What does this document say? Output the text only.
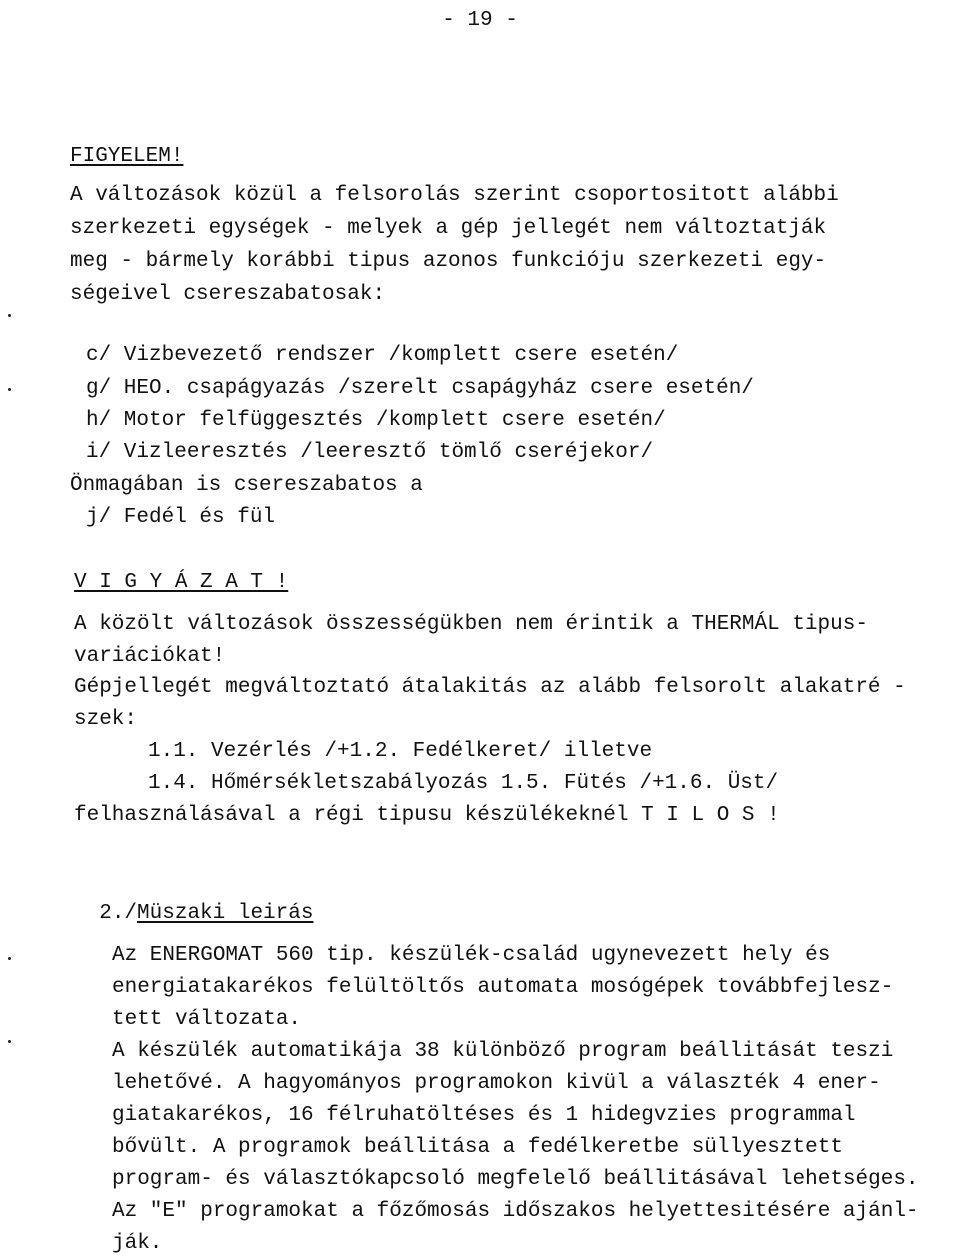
- 19 -
FIGYELEM!
A változások közül a felsorolás szerint csoportositott alábbi
szerkezeti egységek - melyek a gép jellegét nem változtatják
meg - bármely korábbi tipus azonos funkcióju szerkezeti egy-
ségeivel csereszabatosak:
c/ Vizbevezető rendszer /komplett csere esetén/
g/ HEO. csapágyazás /szerelt csapágyház csere esetén/
h/ Motor felfüggesztés /komplett csere esetén/
i/ Vizleeresztés /leeresztő tömlő cseréjekor/
Önmagában is csereszabatos a
j/ Fedél és fül
V I G Y Á Z A T !
A közölt változások összességükben nem érintik a THERMÁL tipus-
variációkat!
Gépjellegét megváltoztató átalakitás az alább felsorolt alakatré -
szek:
1.1. Vezérlés /+1.2. Fedélkeret/ illetve
1.4. Hőmérsékletszabályozás 1.5. Fütés /+1.6. Üst/
felhasználásával a régi tipusu készülékeknél T I L O S !

2./Müszaki leirás

Az ENERGOMAT 560 tip. készülék-család ugynevezett hely és
energiatakarékos felültöltős automata mosógépek továbbfejlesz-
tett változata.
A készülék automatikája 38 különböző program beállitását teszi
lehetővé. A hagyományos programokon kivül a választék 4 ener-
giatakarékos, 16 félruhatöltéses és 1 hidegvzies programmal
bővült. A programok beállitása a fedélkeretbe süllyesztett
program- és választókapcsoló megfelelő beállitásával lehetséges.
Az "E" programokat a főzőmosás időszakos helyettesitésére ajánl-
ják.
